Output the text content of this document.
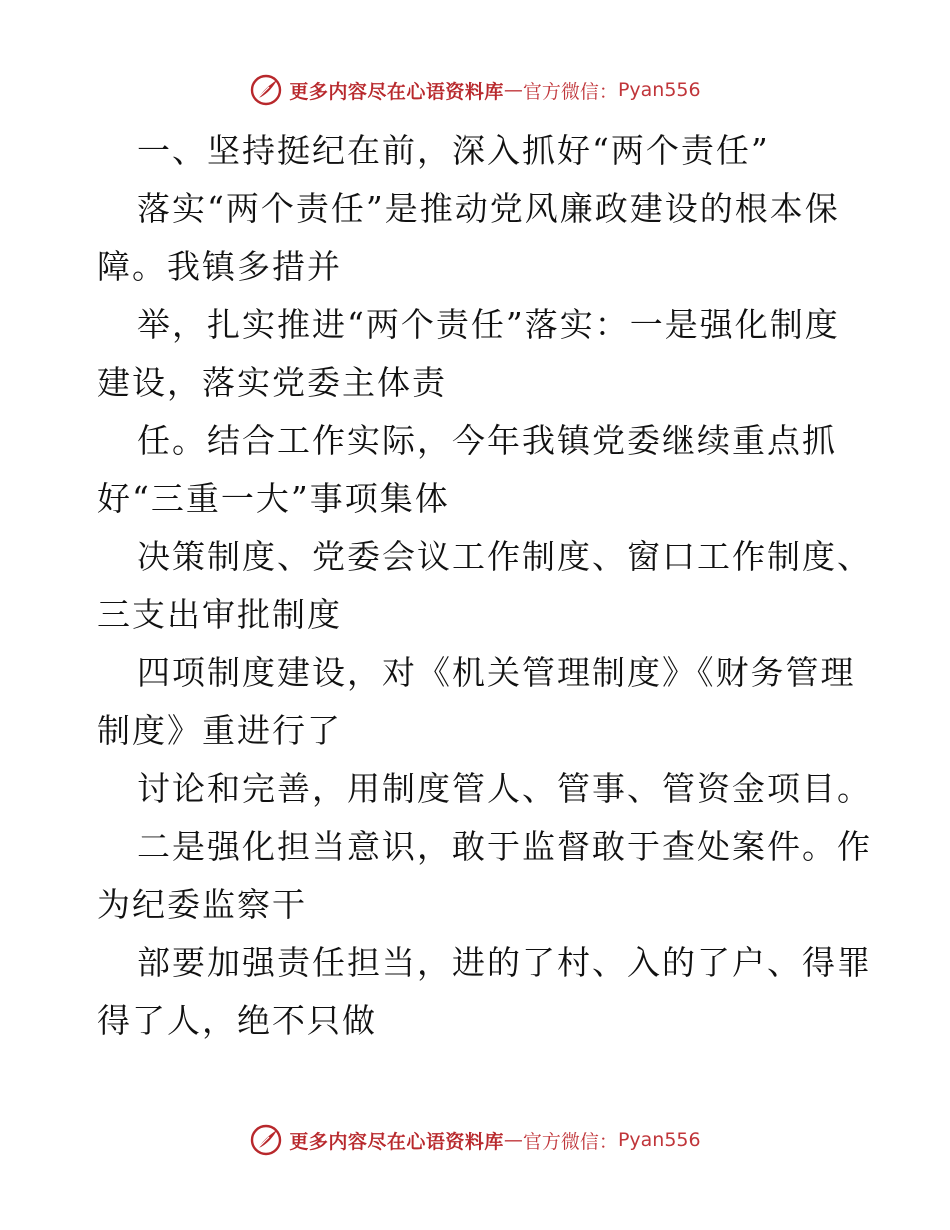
更多内容尽在心语资料库 — 官方微信： Pyan556
一、坚持挺纪在前，深入抓好“两个责任”
落实“两个责任”是推动党风廉政建设的根本保
障。我镇多措并
举，扎实推进“两个责任”落实：一是强化制度
建设，落实党委主体责
任。结合工作实际，今年我镇党委继续重点抓
好“三重一大”事项集体
决策制度、党委会议工作制度、窗口工作制度、
三支出审批制度
四项制度建设，对《机关管理制度》《财务管理
制度》重进行了
讨论和完善，用制度管人、管事、管资金项目。
二是强化担当意识，敢于监督敢于查处案件。作
为纪委监察干
部要加强责任担当，进的了村、入的了户、得罪
得了人，绝不只做
更多内容尽在心语资料库 — 官方微信： Pyan556
